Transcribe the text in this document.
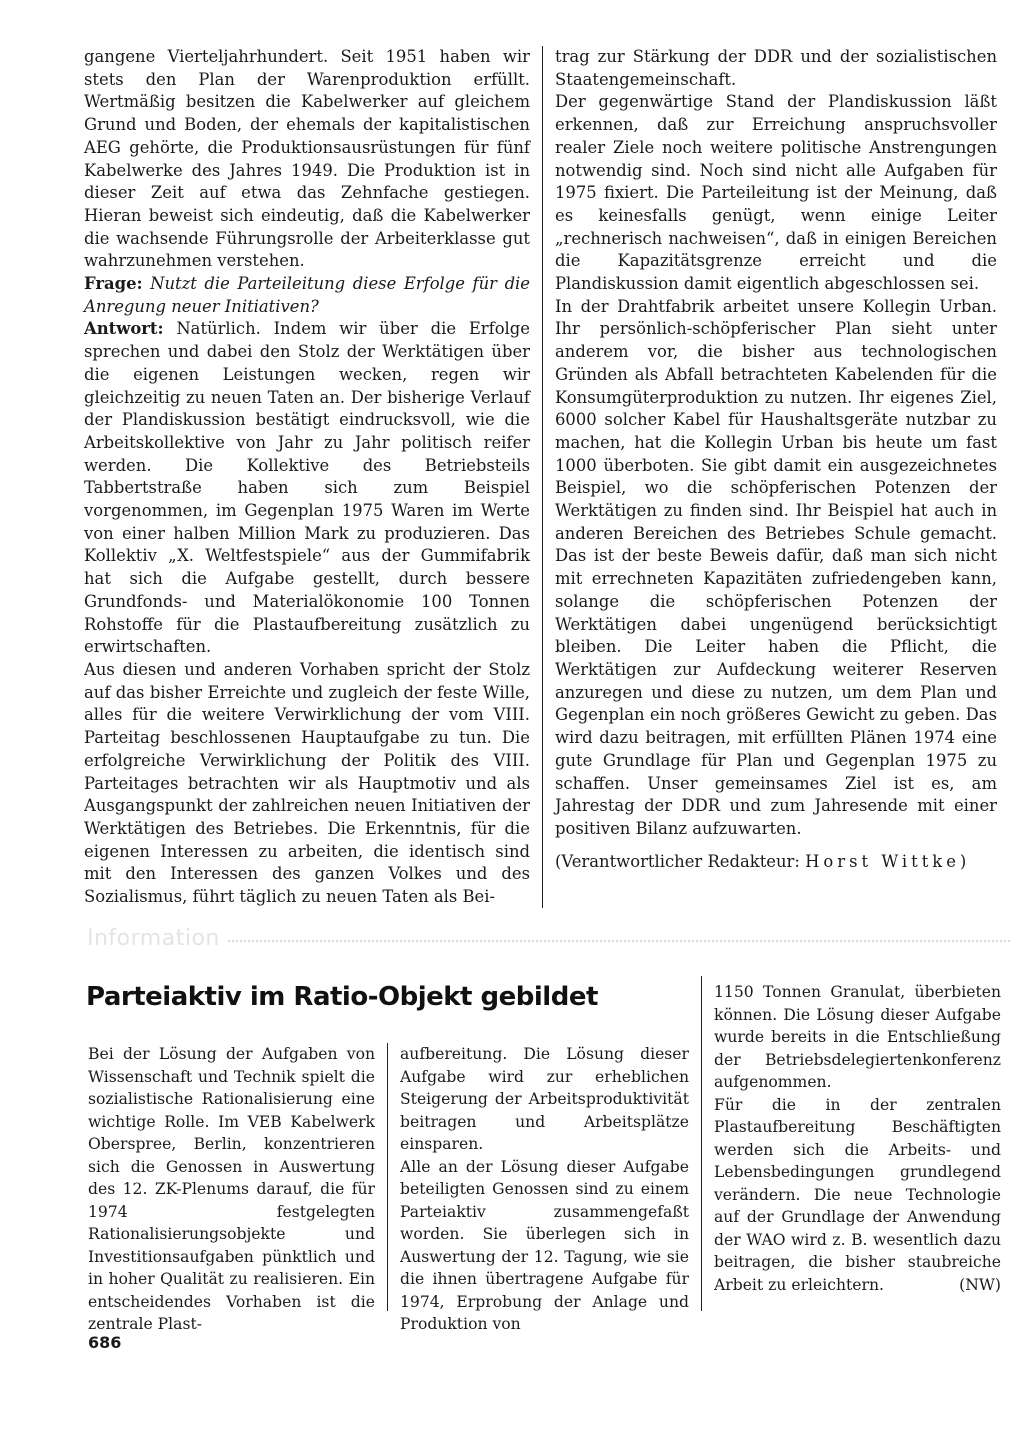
gangene Vierteljahrhundert. Seit 1951 haben wir stets den Plan der Warenproduktion erfüllt. Wertmäßig besitzen die Kabelwerker auf gleichem Grund und Boden, der ehemals der kapitalistischen AEG gehörte, die Produktionsausrüstungen für fünf Kabelwerke des Jahres 1949. Die Produktion ist in dieser Zeit auf etwa das Zehnfache gestiegen. Hieran beweist sich eindeutig, daß die Kabelwerker die wachsende Führungsrolle der Arbeiterklasse gut wahrzunehmen verstehen.

Frage: Nutzt die Parteileitung diese Erfolge für die Anregung neuer Initiativen?

Antwort: Natürlich. Indem wir über die Erfolge sprechen und dabei den Stolz der Werktätigen über die eigenen Leistungen wecken, regen wir gleichzeitig zu neuen Taten an. Der bisherige Verlauf der Plandiskussion bestätigt eindrucksvoll, wie die Arbeitskollektive von Jahr zu Jahr politisch reifer werden. Die Kollektive des Betriebsteils Tabbertstraße haben sich zum Beispiel vorgenommen, im Gegenplan 1975 Waren im Werte von einer halben Million Mark zu produzieren. Das Kollektiv „X. Weltfestspiele“ aus der Gummifabrik hat sich die Aufgabe gestellt, durch bessere Grundfonds- und Materialökonomie 100 Tonnen Rohstoffe für die Plastaufbereitung zusätzlich zu erwirtschaften.

Aus diesen und anderen Vorhaben spricht der Stolz auf das bisher Erreichte und zugleich der feste Wille, alles für die weitere Verwirklichung der vom VIII. Parteitag beschlossenen Hauptaufgabe zu tun. Die erfolgreiche Verwirklichung der Politik des VIII. Parteitages betrachten wir als Hauptmotiv und als Ausgangspunkt der zahlreichen neuen Initiativen der Werktätigen des Betriebes. Die Erkenntnis, für die eigenen Interessen zu arbeiten, die identisch sind mit den Interessen des ganzen Volkes und des Sozialismus, führt täglich zu neuen Taten als Bei-

trag zur Stärkung der DDR und der sozialistischen Staatengemeinschaft.

Der gegenwärtige Stand der Plandiskussion läßt erkennen, daß zur Erreichung anspruchsvoller realer Ziele noch weitere politische Anstrengungen notwendig sind. Noch sind nicht alle Aufgaben für 1975 fixiert. Die Parteileitung ist der Meinung, daß es keinesfalls genügt, wenn einige Leiter „rechnerisch nachweisen“, daß in einigen Bereichen die Kapazitätsgrenze erreicht und die Plandiskussion damit eigentlich abgeschlossen sei.

In der Drahtfabrik arbeitet unsere Kollegin Urban. Ihr persönlich-schöpferischer Plan sieht unter anderem vor, die bisher aus technologischen Gründen als Abfall betrachteten Kabelenden für die Konsumgüterproduktion zu nutzen. Ihr eigenes Ziel, 6000 solcher Kabel für Haushaltsgeräte nutzbar zu machen, hat die Kollegin Urban bis heute um fast 1000 überboten. Sie gibt damit ein ausgezeichnetes Beispiel, wo die schöpferischen Potenzen der Werktätigen zu finden sind. Ihr Beispiel hat auch in anderen Bereichen des Betriebes Schule gemacht. Das ist der beste Beweis dafür, daß man sich nicht mit errechneten Kapazitäten zufriedengeben kann, solange die schöpferischen Potenzen der Werktätigen dabei ungenügend berücksichtigt bleiben. Die Leiter haben die Pflicht, die Werktätigen zur Aufdeckung weiterer Reserven anzuregen und diese zu nutzen, um dem Plan und Gegenplan ein noch größeres Gewicht zu geben. Das wird dazu beitragen, mit erfüllten Plänen 1974 eine gute Grundlage für Plan und Gegenplan 1975 zu schaffen. Unser gemeinsames Ziel ist es, am Jahrestag der DDR und zum Jahresende mit einer positiven Bilanz aufzuwarten.

(Verantwortlicher Redakteur: Horst Wittke)

Information
Parteiaktiv im Ratio-Objekt gebildet

Bei der Lösung der Aufgaben von Wissenschaft und Technik spielt die sozialistische Rationalisierung eine wichtige Rolle. Im VEB Kabelwerk Oberspree, Berlin, konzentrieren sich die Genossen in Auswertung des 12. ZK-Plenums darauf, die für 1974 festgelegten Rationalisierungsobjekte und Investitionsaufgaben pünktlich und in hoher Qualität zu realisieren. Ein entscheidendes Vorhaben ist die zentrale Plast-

aufbereitung. Die Lösung dieser Aufgabe wird zur erheblichen Steigerung der Arbeitsproduktivität beitragen und Arbeitsplätze einsparen.

Alle an der Lösung dieser Aufgabe beteiligten Genossen sind zu einem Parteiaktiv zusammengefaßt worden. Sie überlegen sich in Auswertung der 12. Tagung, wie sie die ihnen übertragene Aufgabe für 1974, Erprobung der Anlage und Produktion von

1150 Tonnen Granulat, überbieten können. Die Lösung dieser Aufgabe wurde bereits in die Entschließung der Betriebsdelegiertenkonferenz aufgenommen.

Für die in der zentralen Plastaufbereitung Beschäftigten werden sich die Arbeits- und Lebensbedingungen grundlegend verändern. Die neue Technologie auf der Grundlage der Anwendung der WAO wird z. B. wesentlich dazu beitragen, die bisher staubreiche Arbeit zu erleichtern.	(NW)

686
